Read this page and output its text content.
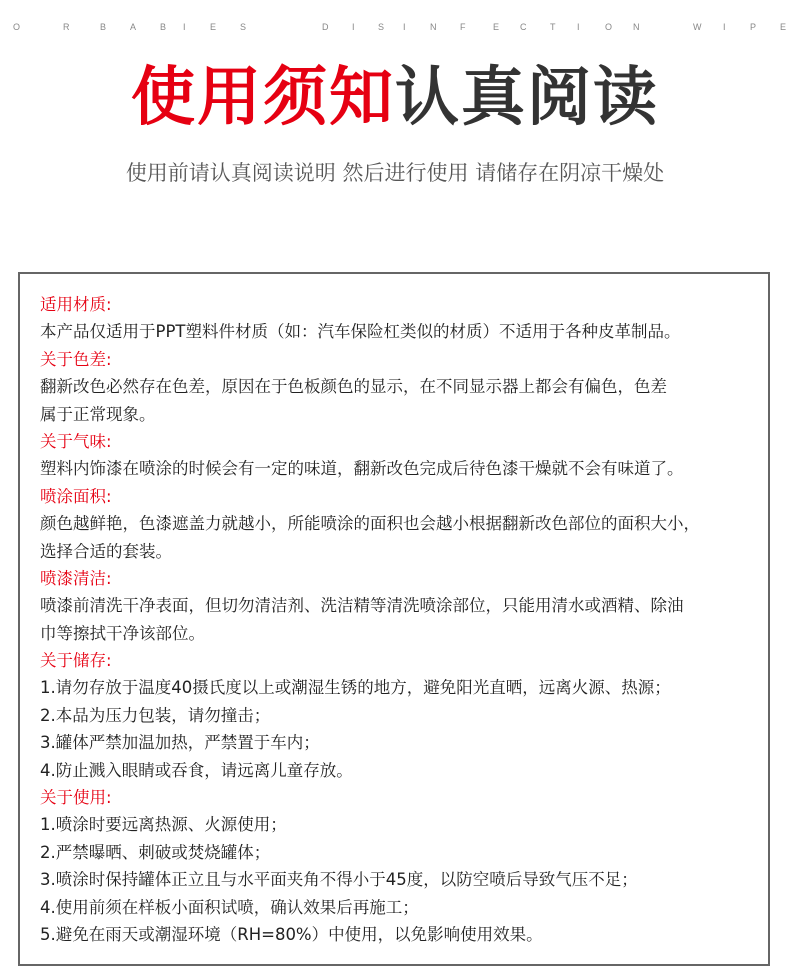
O	R	B	A	B I	E	S	D	I	S I	N	F	E C	T I	O N	W I	P	E
使用须知认真阅读
使用前请认真阅读说明 然后进行使用 请储存在阴凉干燥处
适用材质:
本产品仅适用于PPT塑料件材质（如：汽车保险杠类似的材质）不适用于各种皮革制品。
关于色差:
翻新改色必然存在色差，原因在于色板颜色的显示，在不同显示器上都会有偏色，色差
属于正常现象。
关于气味:
塑料内饰漆在喷涂的时候会有一定的味道，翻新改色完成后待色漆干燥就不会有味道了。
喷涂面积:
颜色越鲜艳，色漆遮盖力就越小，所能喷涂的面积也会越小根据翻新改色部位的面积大小，
选择合适的套装。
喷漆清洁:
喷漆前清洗干净表面，但切勿清洁剂、洗洁精等清洗喷涂部位，只能用清水或酒精、除油
巾等擦拭干净该部位。
关于储存:
1.请勿存放于温度40摄氏度以上或潮湿生锈的地方，避免阳光直晒，远离火源、热源；
2.本品为压力包装，请勿撞击；
3.罐体严禁加温加热，严禁置于车内；
4.防止溅入眼睛或吞食，请远离儿童存放。
关于使用:
1.喷涂时要远离热源、火源使用；
2.严禁曝晒、刺破或焚烧罐体；
3.喷涂时保持罐体正立且与水平面夹角不得小于45度，以防空喷后导致气压不足；
4.使用前须在样板小面积试喷，确认效果后再施工；
5.避免在雨天或潮湿环境（RH=80%）中使用，以免影响使用效果。
